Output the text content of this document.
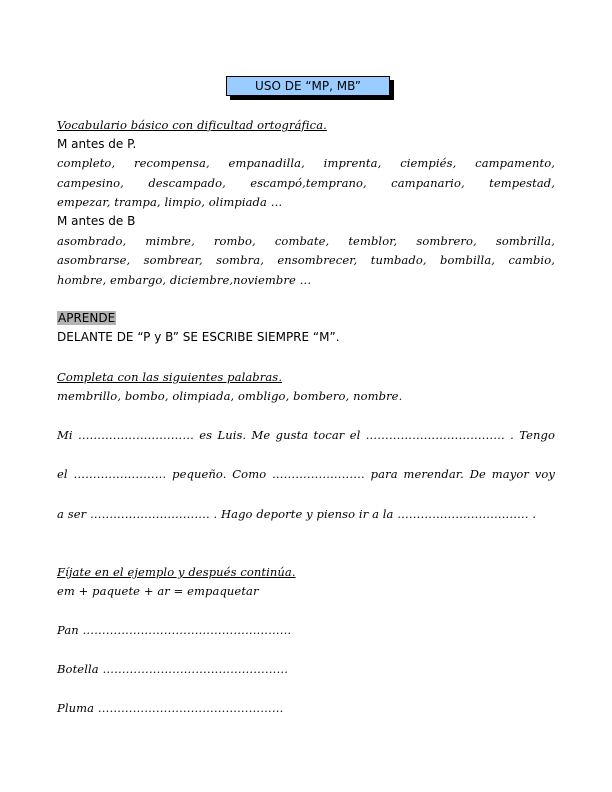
USO DE “MP, MB”
Vocabulario básico con dificultad ortográfica.
M antes de P.
completo, recompensa, empanadilla, imprenta, ciempiés, campamento,
campesino, descampado, escampó,temprano, campanario, tempestad,
empezar, trampa, limpio, olimpiada …
M antes de B
asombrado, mimbre, rombo, combate, temblor, sombrero, sombrilla,
asombrarse, sombrear, sombra, ensombrecer, tumbado, bombilla, cambio,
hombre, embargo, diciembre,noviembre …
APRENDE
DELANTE DE “P y B” SE ESCRIBE SIEMPRE “M”.
Completa con las siguientes palabras.
membrillo, bombo, olimpiada, ombligo, bombero, nombre.
Mi ………………………… es Luis. Me gusta tocar el ……………………………… . Tengo
el …………………… pequeño. Como …………………… para merendar. De mayor voy
a ser …………………………. . Hago deporte y pienso ir a la ……………………………. .
Fíjate en el ejemplo y después continúa.
em + paquete + ar = empaquetar
Pan ………………………………………………
Botella …………………………………………
Pluma …………………………………………
